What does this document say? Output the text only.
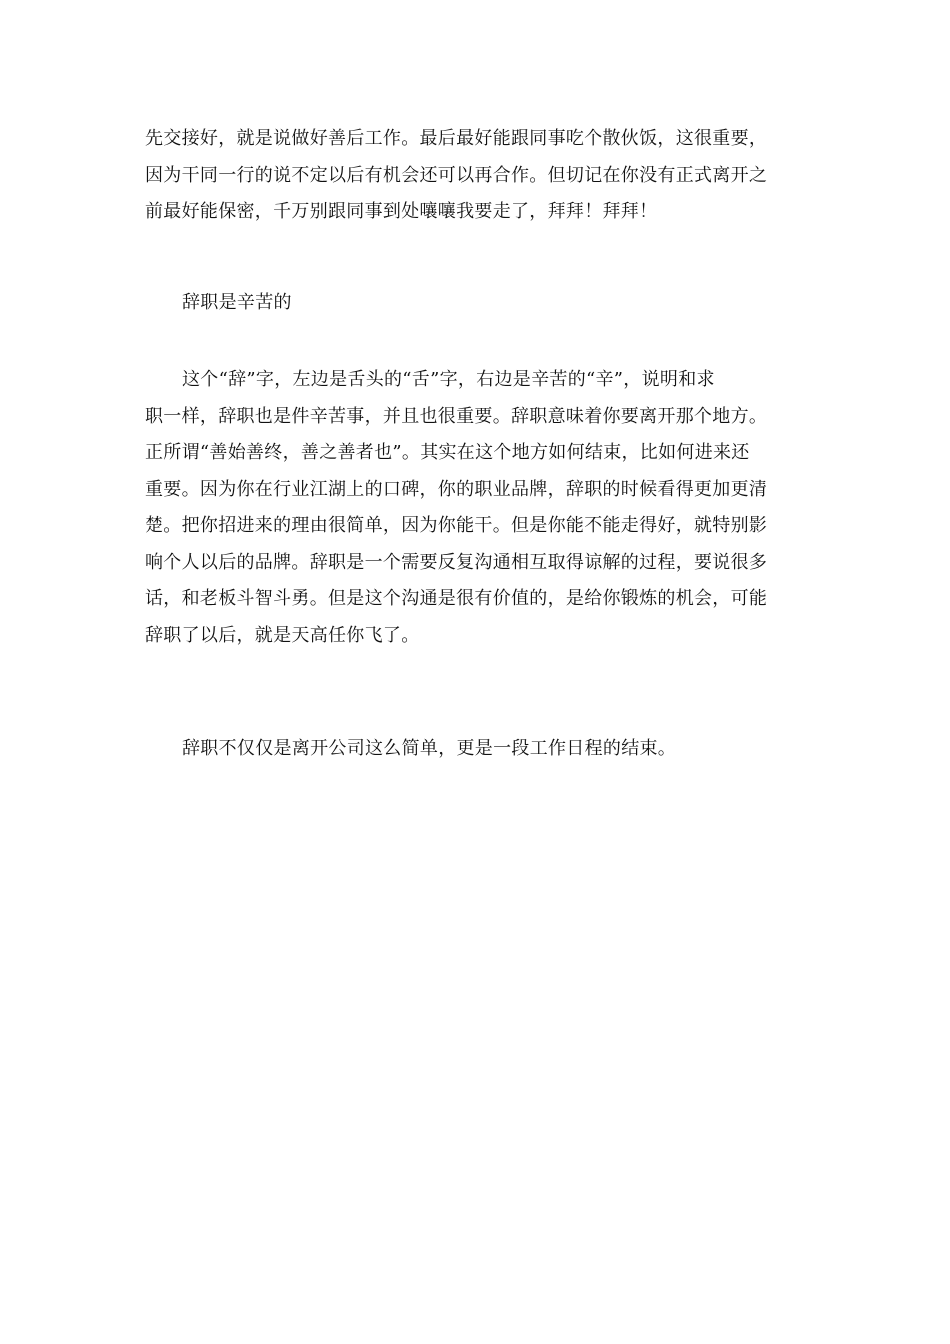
先交接好，就是说做好善后工作。最后最好能跟同事吃个散伙饭，这很重要，
因为干同一行的说不定以后有机会还可以再合作。但切记在你没有正式离开之
前最好能保密，千万别跟同事到处嚷嚷我要走了，拜拜！拜拜！
辞职是辛苦的
这个“辞”字，左边是舌头的“舌”字，右边是辛苦的“辛”，说明和求
职一样，辞职也是件辛苦事，并且也很重要。辞职意味着你要离开那个地方。
正所谓“善始善终，善之善者也”。其实在这个地方如何结束，比如何进来还
重要。因为你在行业江湖上的口碑，你的职业品牌，辞职的时候看得更加更清
楚。把你招进来的理由很简单，因为你能干。但是你能不能走得好，就特别影
响个人以后的品牌。辞职是一个需要反复沟通相互取得谅解的过程，要说很多
话，和老板斗智斗勇。但是这个沟通是很有价值的，是给你锻炼的机会，可能
辞职了以后，就是天高任你飞了。
辞职不仅仅是离开公司这么简单，更是一段工作日程的结束。
